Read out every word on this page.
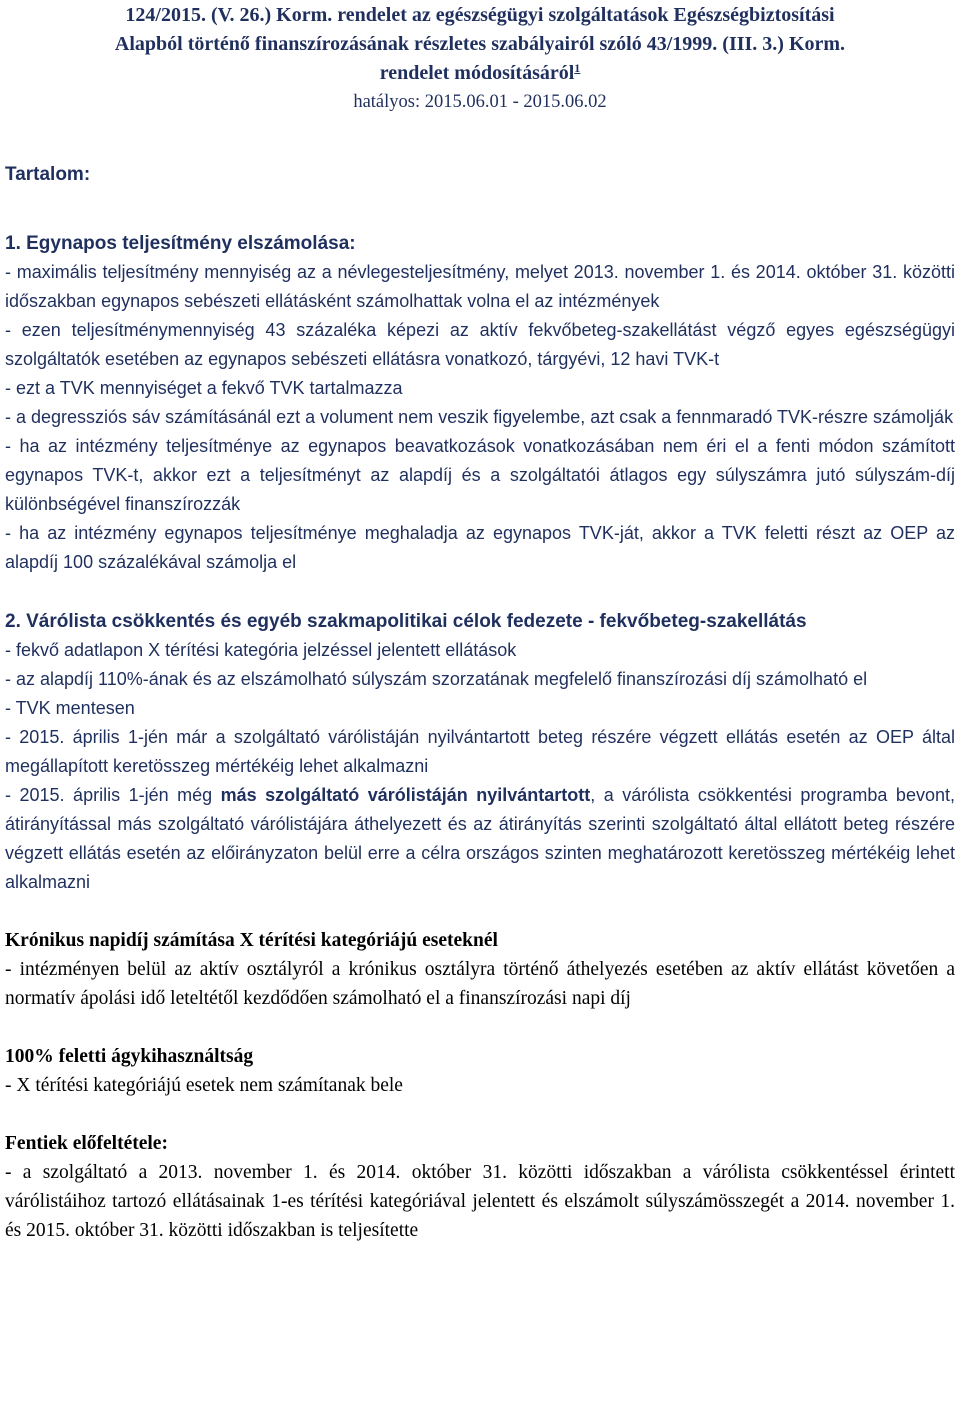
124/2015. (V. 26.) Korm. rendelet az egészségügyi szolgáltatások Egészségbiztosítási
Alapból történő finanszírozásának részletes szabályairól szóló 43/1999. (III. 3.) Korm.
rendelet módosításáról$^1$
hatályos: 2015.06.01 - 2015.06.02
Tartalom:
1. Egynapos teljesítmény elszámolása:

- maximális teljesítmény mennyiség az a névlegesteljesítmény, melyet 2013. november 1. és 2014. október 31. közötti időszakban egynapos sebészeti ellátásként számolhattak volna el az intézmények

- ezen teljesítménymennyiség 43 százaléka képezi az aktív fekvőbeteg-szakellátást végző egyes egészségügyi szolgáltatók esetében az egynapos sebészeti ellátásra vonatkozó, tárgyévi, 12 havi TVK-t

- ezt a TVK mennyiséget a fekvő TVK tartalmazza

- a degressziós sáv számításánál ezt a volument nem veszik figyelembe, azt csak a fennmaradó TVK-részre számolják

- ha az intézmény teljesítménye az egynapos beavatkozások vonatkozásában nem éri el a fenti módon számított egynapos TVK-t, akkor ezt a teljesítményt az alapdíj és a szolgáltatói átlagos egy súlyszámra jutó súlyszám-díj különbségével finanszírozzák

- ha az intézmény egynapos teljesítménye meghaladja az egynapos TVK-ját, akkor a TVK feletti részt az OEP az alapdíj 100 százalékával számolja el

2. Várólista csökkentés és egyéb szakmapolitikai célok fedezete - fekvőbeteg-szakellátás

- fekvő adatlapon X térítési kategória jelzéssel jelentett ellátások

- az alapdíj 110%-ának és az elszámolható súlyszám szorzatának megfelelő finanszírozási díj számolható el

- TVK mentesen

- 2015. április 1-jén már a szolgáltató várólistáján nyilvántartott beteg részére végzett ellátás esetén az OEP által megállapított keretösszeg mértékéig lehet alkalmazni

- 2015. április 1-jén még más szolgáltató várólistáján nyilvántartott, a várólista csökkentési programba bevont, átirányítással más szolgáltató várólistájára áthelyezett és az átirányítás szerinti szolgáltató által ellátott beteg részére végzett ellátás esetén az előirányzaton belül erre a célra országos szinten meghatározott keretösszeg mértékéig lehet alkalmazni

Krónikus napidíj számítása X térítési kategóriájú eseteknél

- intézményen belül az aktív osztályról a krónikus osztályra történő áthelyezés esetében az aktív ellátást követően a normatív ápolási idő leteltétől kezdődően számolható el a finanszírozási napi díj

100% feletti ágykihasználtság

- X térítési kategóriájú esetek nem számítanak bele

Fentiek előfeltétele:

- a szolgáltató a 2013. november 1. és 2014. október 31. közötti időszakban a várólista csökkentéssel érintett várólistáihoz tartozó ellátásainak 1-es térítési kategóriával jelentett és elszámolt súlyszámösszegét a 2014. november 1. és 2015. október 31. közötti időszakban is teljesítette
